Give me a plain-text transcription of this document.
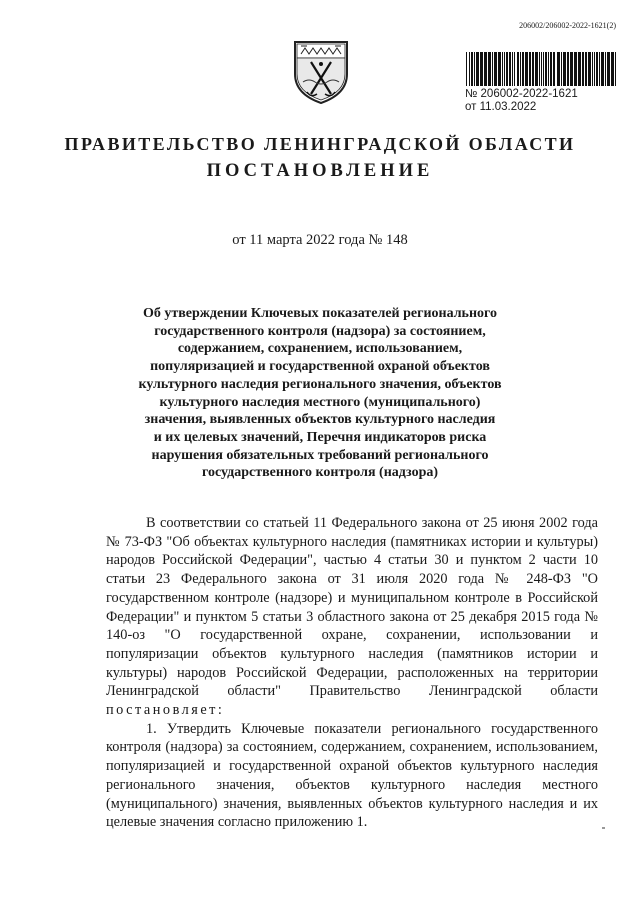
206002/206002-2022-1621(2)
№ 206002-2022-1621
от 11.03.2022
ПРАВИТЕЛЬСТВО ЛЕНИНГРАДСКОЙ ОБЛАСТИ
ПОСТАНОВЛЕНИЕ
от 11 марта 2022 года № 148
Об утверждении Ключевых показателей регионального
государственного контроля (надзора) за состоянием,
содержанием, сохранением, использованием,
популяризацией и государственной охраной объектов
культурного наследия регионального значения, объектов
культурного наследия местного (муниципального)
значения, выявленных объектов культурного наследия
и их целевых значений, Перечня индикаторов риска
нарушения обязательных требований регионального
государственного контроля (надзора)

В соответствии со статьей 11 Федерального закона от 25 июня 2002 года № 73-ФЗ "Об объектах культурного наследия (памятниках истории и культуры) народов Российской Федерации", частью 4 статьи 30 и пунктом 2 части 10 статьи 23 Федерального закона от 31 июля 2020 года № 248-ФЗ "О государственном контроле (надзоре) и муниципальном контроле в Российской Федерации" и пунктом 5 статьи 3 областного закона от 25 декабря 2015 года № 140-оз "О государственной охране, сохранении, использовании и популяризации объектов культурного наследия (памятников истории и культуры) народов Российской Федерации, расположенных на территории Ленинградской области" Правительство Ленинградской области постановляет:

1. Утвердить Ключевые показатели регионального государственного контроля (надзора) за состоянием, содержанием, сохранением, использованием, популяризацией и государственной охраной объектов культурного наследия регионального значения, объектов культурного наследия местного (муниципального) значения, выявленных объектов культурного наследия и их целевые значения согласно приложению 1.
